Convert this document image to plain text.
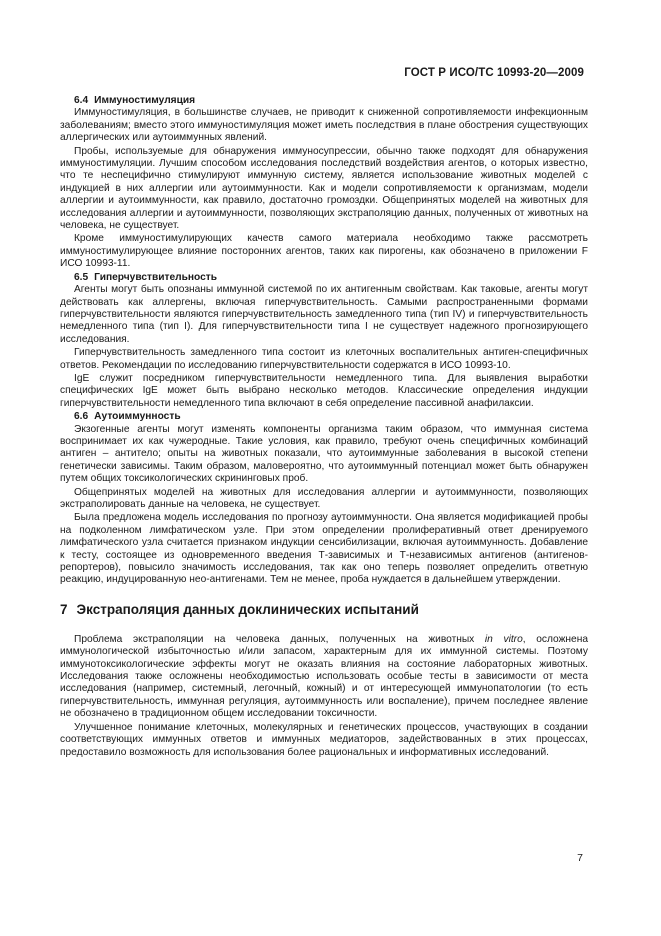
ГОСТ Р ИСО/ТС 10993-20—2009
6.4 Иммуностимуляция

Иммуностимуляция, в большинстве случаев, не приводит к сниженной сопротивляемости инфекционным заболеваниям; вместо этого иммуностимуляция может иметь последствия в плане обострения существующих аллергических или аутоиммунных явлений.

Пробы, используемые для обнаружения иммуносупрессии, обычно также подходят для обнаружения иммуностимуляции. Лучшим способом исследования последствий воздействия агентов, о которых известно, что те неспецифично стимулируют иммунную систему, является использование животных моделей с индукцией в них аллергии или аутоиммунности. Как и модели сопротивляемости к организмам, модели аллергии и аутоиммунности, как правило, достаточно громоздки. Общепринятых моделей на животных для исследования аллергии и аутоиммунности, позволяющих экстраполяцию данных, полученных от животных на человека, не существует.

Кроме иммуностимулирующих качеств самого материала необходимо также рассмотреть иммуностимулирующее влияние посторонних агентов, таких как пирогены, как обозначено в приложении F ИСО 10993-11.

6.5 Гиперчувствительность

Агенты могут быть опознаны иммунной системой по их антигенным свойствам. Как таковые, агенты могут действовать как аллергены, включая гиперчувствительность. Самыми распространенными формами гиперчувствительности являются гиперчувствительность замедленного типа (тип IV) и гиперчувствительность немедленного типа (тип I). Для гиперчувствительности типа I не существует надежного прогнозирующего исследования.

Гиперчувствительность замедленного типа состоит из клеточных воспалительных антиген-специфичных ответов. Рекомендации по исследованию гиперчувствительности содержатся в ИСО 10993-10.

IgE служит посредником гиперчувствительности немедленного типа. Для выявления выработки специфических IgE может быть выбрано несколько методов. Классические определения индукции гиперчувствительности немедленного типа включают в себя определение пассивной анафилаксии.

6.6 Аутоиммунность

Экзогенные агенты могут изменять компоненты организма таким образом, что иммунная система воспринимает их как чужеродные. Такие условия, как правило, требуют очень специфичных комбинаций антиген – антитело; опыты на животных показали, что аутоиммунные заболевания в высокой степени генетически зависимы. Таким образом, маловероятно, что аутоиммунный потенциал может быть обнаружен путем общих токсикологических скрининговых проб.

Общепринятых моделей на животных для исследования аллергии и аутоиммунности, позволяющих экстраполировать данные на человека, не существует.

Была предложена модель исследования по прогнозу аутоиммунности. Она является модификацией пробы на подколенном лимфатическом узле. При этом определении пролиферативный ответ дренируемого лимфатического узла считается признаком индукции сенсибилизации, включая аутоиммунность. Добавление к тесту, состоящее из одновременного введения Т-зависимых и Т-независимых антигенов (антигенов-репортеров), повысило значимость исследования, так как оно теперь позволяет определить ответную реакцию, индуцированную нео-антигенами. Тем не менее, проба нуждается в дальнейшем утверждении.

7 Экстраполяция данных доклинических испытаний

Проблема экстраполяции на человека данных, полученных на животных in vitro, осложнена иммунологической избыточностью и/или запасом, характерным для их иммунной системы. Поэтому иммунотоксикологические эффекты могут не оказать влияния на состояние лабораторных животных. Исследования также осложнены необходимостью использовать особые тесты в зависимости от места исследования (например, системный, легочный, кожный) и от интересующей иммунопатологии (то есть гиперчувствительность, иммунная регуляция, аутоиммунность или воспаление), причем последнее явление не обозначено в традиционном общем исследовании токсичности.

Улучшенное понимание клеточных, молекулярных и генетических процессов, участвующих в создании соответствующих иммунных ответов и иммунных медиаторов, задействованных в этих процессах, предоставило возможность для использования более рациональных и информативных исследований.

7
